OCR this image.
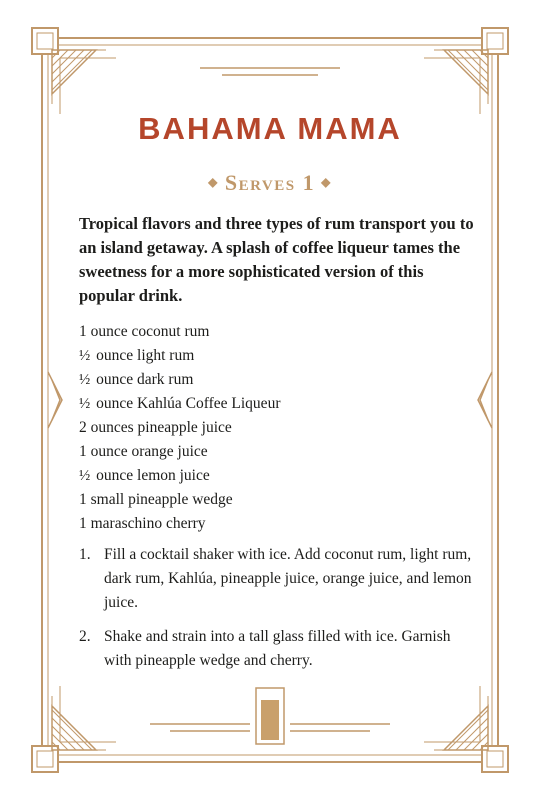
BAHAMA MAMA
◆ Serves 1 ◆
Tropical flavors and three types of rum transport you to an island getaway. A splash of coffee liqueur tames the sweetness for a more sophisticated version of this popular drink.
1 ounce coconut rum
½ ounce light rum
½ ounce dark rum
½ ounce Kahlúa Coffee Liqueur
2 ounces pineapple juice
1 ounce orange juice
½ ounce lemon juice
1 small pineapple wedge
1 maraschino cherry
1. Fill a cocktail shaker with ice. Add coconut rum, light rum, dark rum, Kahlúa, pineapple juice, orange juice, and lemon juice.
2. Shake and strain into a tall glass filled with ice. Garnish with pineapple wedge and cherry.
